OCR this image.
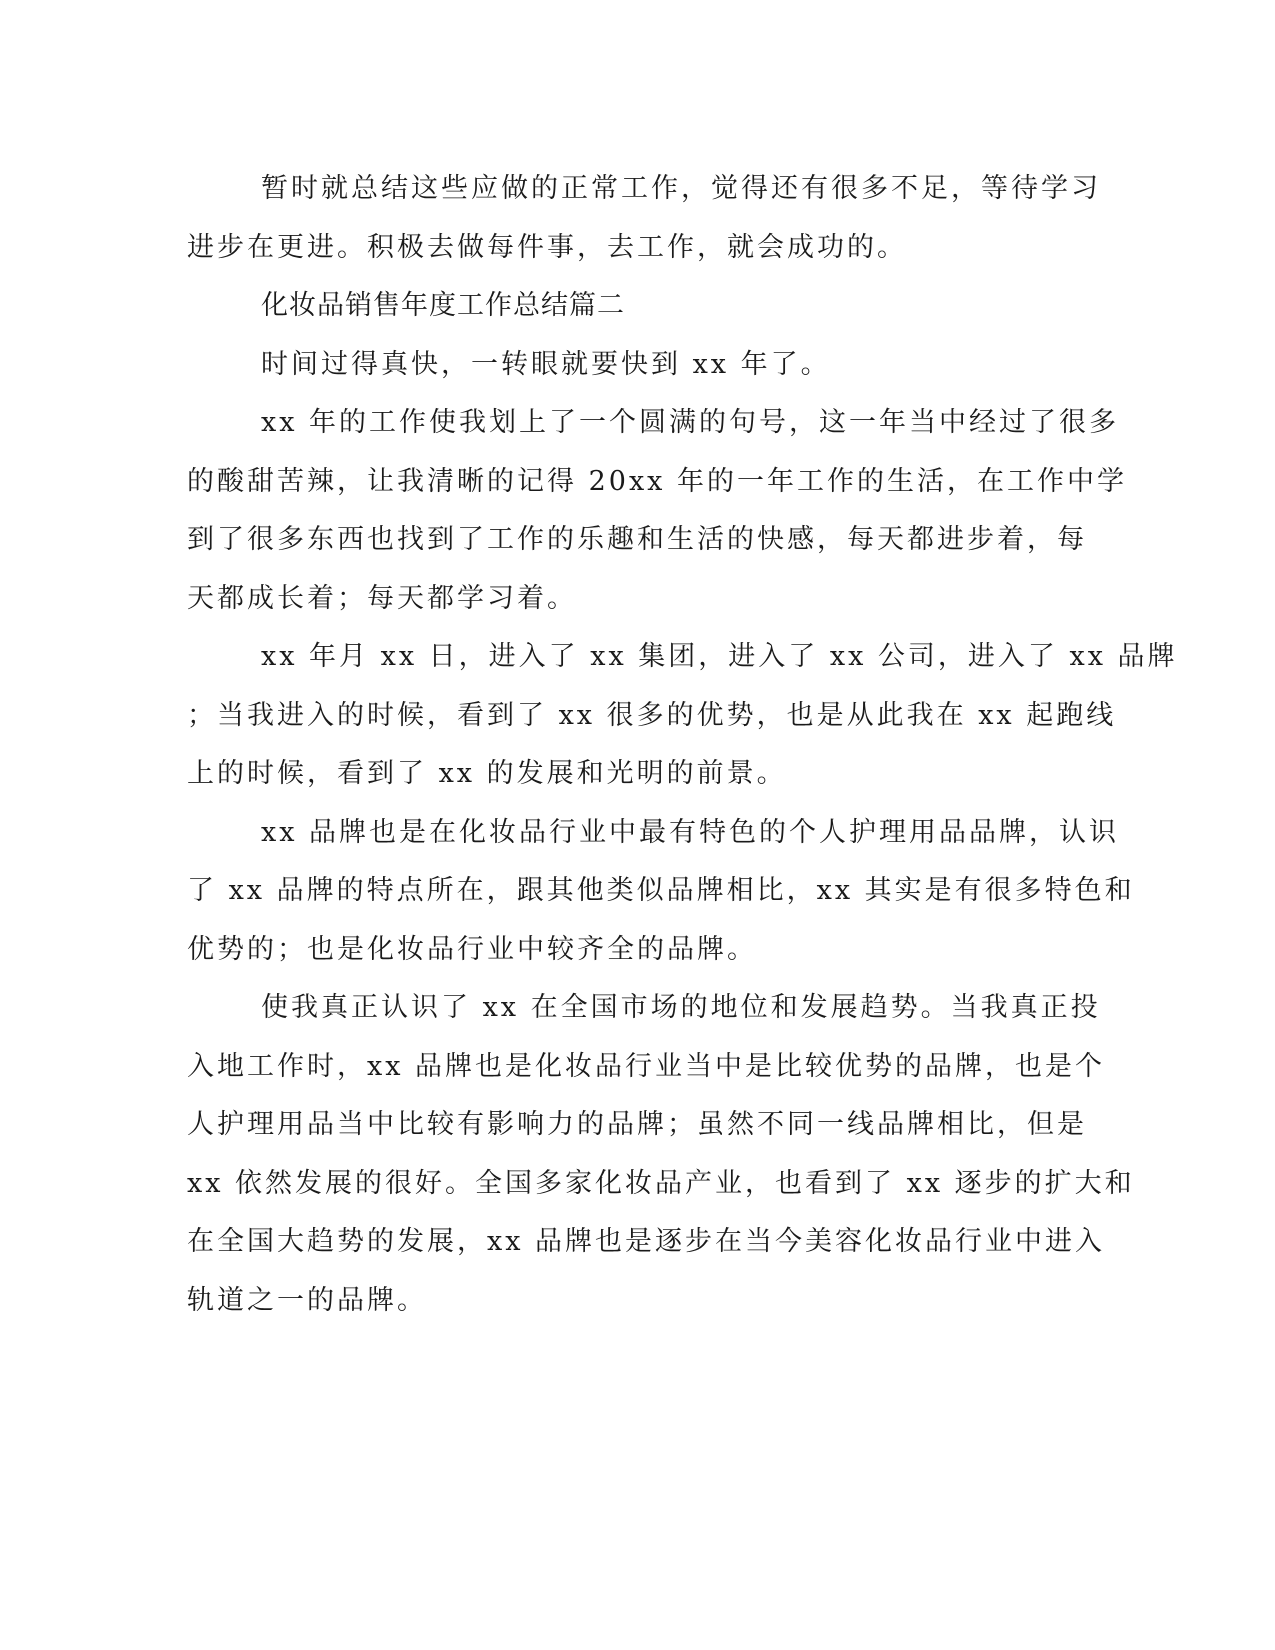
暂时就总结这些应做的正常工作，觉得还有很多不足，等待学习
进步在更进。积极去做每件事，去工作，就会成功的。

化妆品销售年度工作总结篇二

时间过得真快，一转眼就要快到 xx 年了。

xx 年的工作使我划上了一个圆满的句号，这一年当中经过了很多
的酸甜苦辣，让我清晰的记得 20xx 年的一年工作的生活，在工作中学
到了很多东西也找到了工作的乐趣和生活的快感，每天都进步着，每
天都成长着；每天都学习着。

xx 年月 xx 日，进入了 xx 集团，进入了 xx 公司，进入了 xx 品牌
；当我进入的时候，看到了 xx 很多的优势，也是从此我在 xx 起跑线
上的时候，看到了 xx 的发展和光明的前景。

xx 品牌也是在化妆品行业中最有特色的个人护理用品品牌，认识
了 xx 品牌的特点所在，跟其他类似品牌相比，xx 其实是有很多特色和
优势的；也是化妆品行业中较齐全的品牌。

使我真正认识了 xx 在全国市场的地位和发展趋势。当我真正投
入地工作时，xx 品牌也是化妆品行业当中是比较优势的品牌，也是个
人护理用品当中比较有影响力的品牌；虽然不同一线品牌相比，但是
xx 依然发展的很好。全国多家化妆品产业，也看到了 xx 逐步的扩大和
在全国大趋势的发展，xx 品牌也是逐步在当今美容化妆品行业中进入
轨道之一的品牌。
